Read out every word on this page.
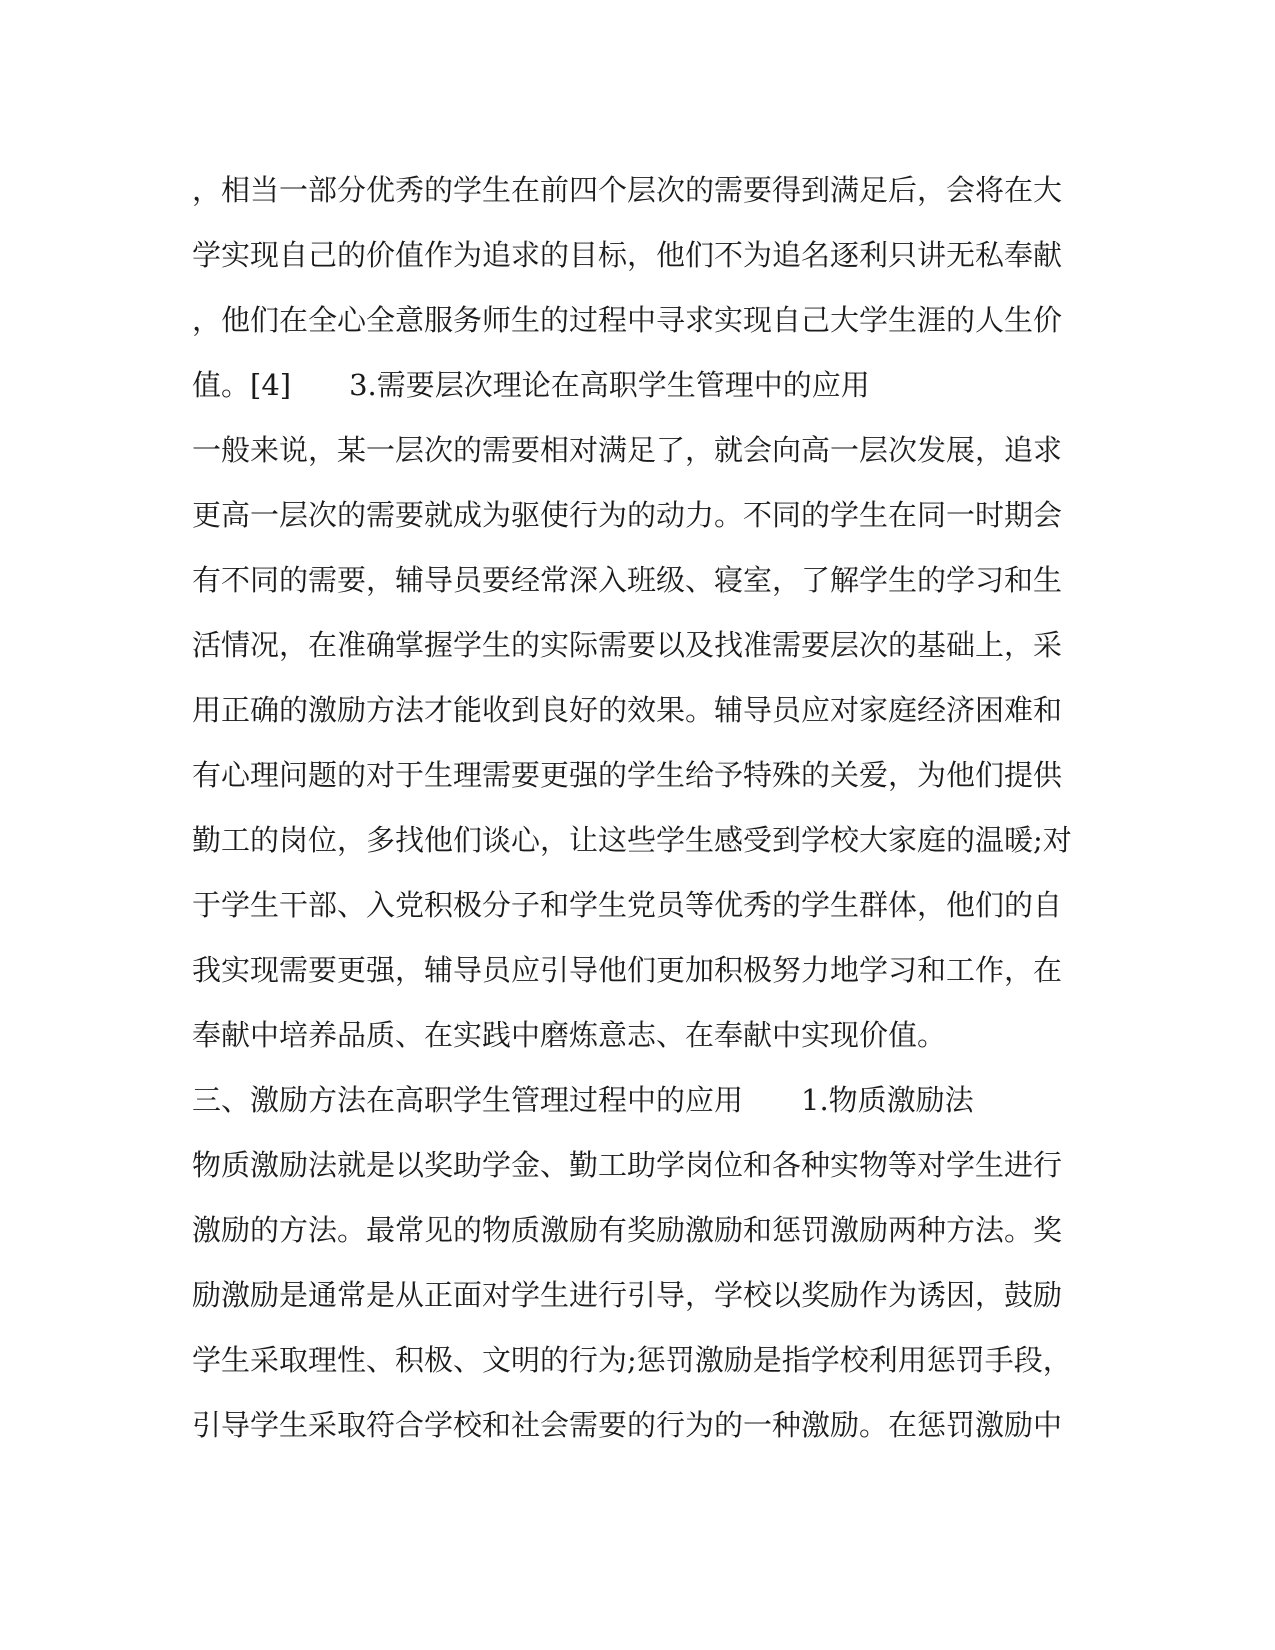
，相当一部分优秀的学生在前四个层次的需要得到满足后，会将在大
学实现自己的价值作为追求的目标，他们不为追名逐利只讲无私奉献
，他们在全心全意服务师生的过程中寻求实现自己大学生涯的人生价
值。[4]　　3.需要层次理论在高职学生管理中的应用
一般来说，某一层次的需要相对满足了，就会向高一层次发展，追求
更高一层次的需要就成为驱使行为的动力。不同的学生在同一时期会
有不同的需要，辅导员要经常深入班级、寝室，了解学生的学习和生
活情况，在准确掌握学生的实际需要以及找准需要层次的基础上，采
用正确的激励方法才能收到良好的效果。辅导员应对家庭经济困难和
有心理问题的对于生理需要更强的学生给予特殊的关爱，为他们提供
勤工的岗位，多找他们谈心，让这些学生感受到学校大家庭的温暖;对
于学生干部、入党积极分子和学生党员等优秀的学生群体，他们的自
我实现需要更强，辅导员应引导他们更加积极努力地学习和工作，在
奉献中培养品质、在实践中磨炼意志、在奉献中实现价值。
三、激励方法在高职学生管理过程中的应用　　1.物质激励法
物质激励法就是以奖助学金、勤工助学岗位和各种实物等对学生进行
激励的方法。最常见的物质激励有奖励激励和惩罚激励两种方法。奖
励激励是通常是从正面对学生进行引导，学校以奖励作为诱因，鼓励
学生采取理性、积极、文明的行为;惩罚激励是指学校利用惩罚手段，
引导学生采取符合学校和社会需要的行为的一种激励。在惩罚激励中
